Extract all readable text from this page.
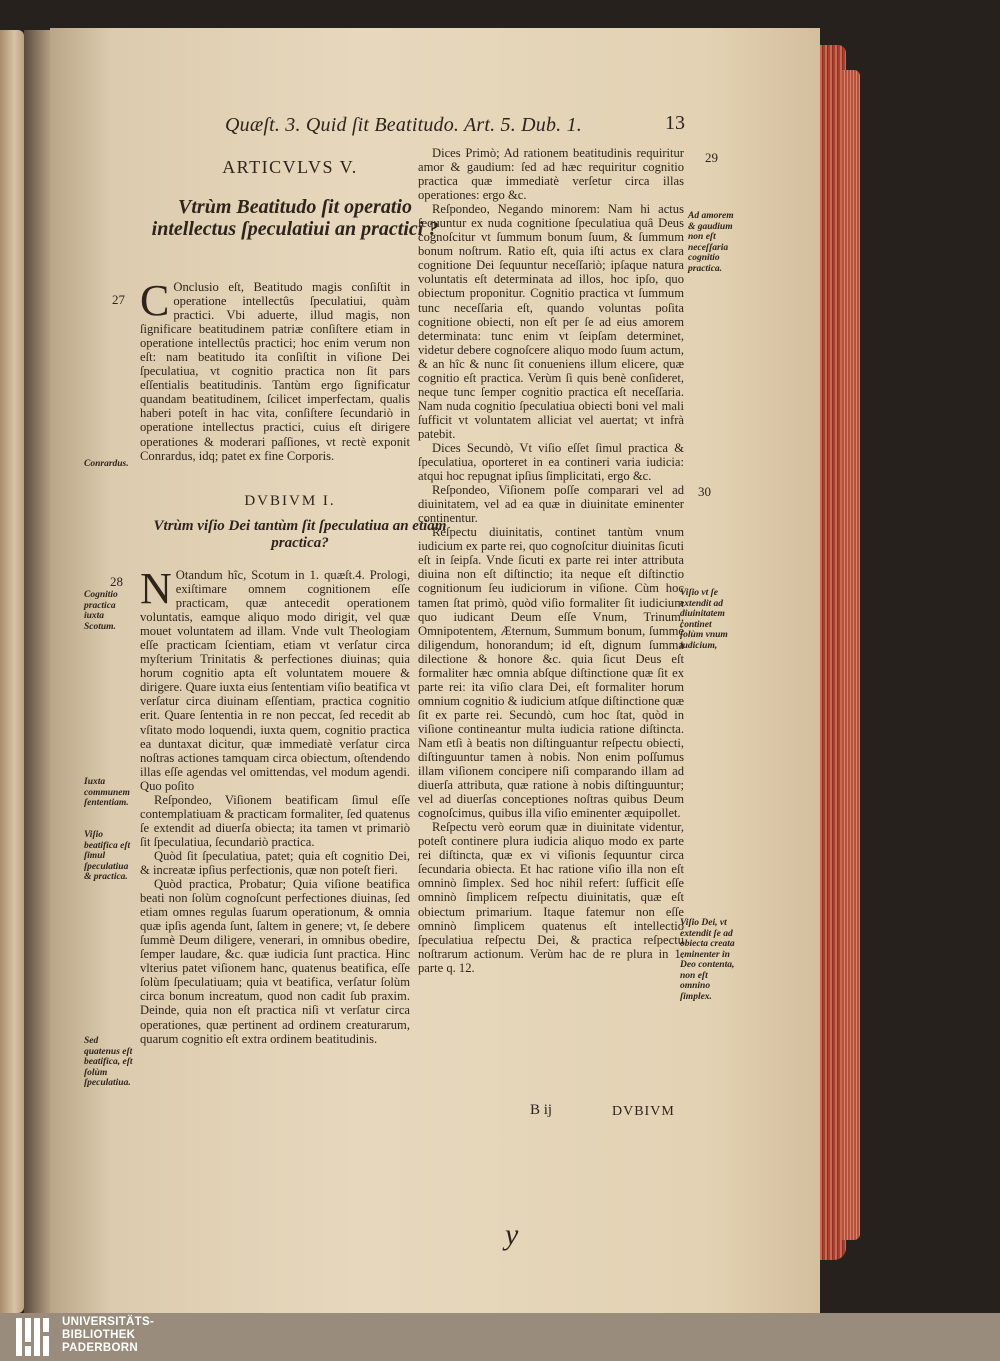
Quæſt. 3. Quid ſit Beatitudo. Art. 5. Dub. 1.	13
ARTICVLVS V.
Vtrùm Beatitudo ſit operatio intellectus ſpeculatiui an practici ?

C Onclusio eſt, Beatitudo magis conſiſtit in operatione intellectûs ſpeculatiui, quàm practici. Vbi aduerte, illud magis, non ſignificare beatitudinem patriæ conſiſtere etiam in operatione intellectûs practici; hoc enim verum non eſt: nam beatitudo ita conſiſtit in viſione Dei ſpeculatiua, vt cognitio practica non ſit pars eſſentialis beatitudinis. Tantùm ergo ſignificatur quandam beatitudinem, ſcilicet imperfectam, qualis haberi poteſt in hac vita, conſiſtere ſecundariò in operatione intellectus practici, cuius eſt dirigere operationes & moderari paſſiones, vt rectè exponit Conrardus, idq; patet ex fine Corporis.

DVBIVM I.
Vtrùm viſio Dei tantùm ſit ſpeculatiua an etiam practica?

N Otandum hîc, Scotum in 1. quæſt.4. Prologi, exiſtimare omnem cognitionem eſſe practicam, quæ antecedit operationem voluntatis, eamque aliquo modo dirigit, vel quæ mouet voluntatem ad illam. Vnde vult Theologiam eſſe practicam ſcientiam, etiam vt verſatur circa myſterium Trinitatis & perfectiones diuinas; quia horum cognitio apta eſt voluntatem mouere & dirigere. Quare iuxta eius ſententiam viſio beatifica vt verſatur circa diuinam eſſentiam, practica cognitio erit. Quare ſententia in re non peccat, ſed recedit ab vſitato modo loquendi, iuxta quem, cognitio practica ea duntaxat dicitur, quæ immediatè verſatur circa noſtras actiones tamquam circa obiectum, oſtendendo illas eſſe agendas vel omittendas, vel modum agendi. Quo poſito

Reſpondeo, Viſionem beatificam ſimul eſſe contemplatiuam & practicam formaliter, ſed quatenus ſe extendit ad diuerſa obiecta; ita tamen vt primariò ſit ſpeculatiua, ſecundariò practica.

Quòd ſit ſpeculatiua, patet; quia eſt cognitio Dei, & increatæ ipſius perfectionis, quæ non poteſt fieri.

Quòd practica, Probatur; Quia viſione beatifica beati non ſolùm cognoſcunt perfectiones diuinas, ſed etiam omnes regulas ſuarum operationum, & omnia quæ ipſis agenda ſunt, ſaltem in genere; vt, ſe debere ſummè Deum diligere, venerari, in omnibus obedire, ſemper laudare, &c. quæ iudicia ſunt practica. Hinc vlterius patet viſionem hanc, quatenus beatifica, eſſe ſolùm ſpeculatiuam; quia vt beatifica, verſatur ſolùm circa bonum increatum, quod non cadit ſub praxim. Deinde, quia non eſt practica niſi vt verſatur circa operationes, quæ pertinent ad ordinem creaturarum, quarum cognitio eſt extra ordinem beatitudinis.

Dices Primò; Ad rationem beatitudinis requiritur amor & gaudium: ſed ad hæc requiritur cognitio practica quæ immediatè verſetur circa illas operationes: ergo &c.

Reſpondeo, Negando minorem: Nam hi actus ſequuntur ex nuda cognitione ſpeculatiua quâ Deus cognoſcitur vt ſummum bonum ſuum, & ſummum bonum noſtrum. Ratio eſt, quia iſti actus ex clara cognitione Dei ſequuntur neceſſariò; ipſaque natura voluntatis eſt determinata ad illos, hoc ipſo, quo obiectum proponitur. Cognitio practica vt ſummum tunc neceſſaria eſt, quando voluntas poſita cognitione obiecti, non eſt per ſe ad eius amorem determinata: tunc enim vt ſeipſam determinet, videtur debere cognoſcere aliquo modo ſuum actum, & an hîc & nunc ſit conueniens illum elicere, quæ cognitio eſt practica. Verùm ſi quis benè conſideret, neque tunc ſemper cognitio practica eſt neceſſaria. Nam nuda cognitio ſpeculatiua obiecti boni vel mali ſufficit vt voluntatem alliciat vel auertat; vt infrà patebit.

Dices Secundò, Vt viſio eſſet ſimul practica & ſpeculatiua, oporteret in ea contineri varia iudicia: atqui hoc repugnat ipſius ſimplicitati, ergo &c.

Reſpondeo, Viſionem poſſe comparari vel ad diuinitatem, vel ad ea quæ in diuinitate eminenter continentur.

Reſpectu diuinitatis, continet tantùm vnum iudicium ex parte rei, quo cognoſcitur diuinitas ſicuti eſt in ſeipſa. Vnde ſicuti ex parte rei inter attributa diuina non eſt diſtinctio; ita neque eſt diſtinctio cognitionum ſeu iudiciorum in viſione. Cùm hoc tamen ſtat primò, quòd viſio formaliter ſit iudicium quo iudicant Deum eſſe Vnum, Trinum, Omnipotentem, Æternum, Summum bonum, ſummè diligendum, honorandum; id eſt, dignum ſumma dilectione & honore &c. quia ſicut Deus eſt formaliter hæc omnia abſque diſtinctione quæ ſit ex parte rei: ita viſio clara Dei, eſt formaliter horum omnium cognitio & iudicium atſque diſtinctione quæ ſit ex parte rei. Secundò, cum hoc ſtat, quòd in viſione contineantur multa iudicia ratione diſtincta. Nam etſi à beatis non diſtinguantur reſpectu obiecti, diſtinguuntur tamen à nobis. Non enim poſſumus illam viſionem concipere niſi comparando illam ad diuerſa attributa, quæ ratione à nobis diſtinguuntur; vel ad diuerſas conceptiones noſtras quibus Deum cognoſcimus, quibus illa viſio eminenter æquipollet.

Reſpectu verò eorum quæ in diuinitate videntur, poteſt continere plura iudicia aliquo modo ex parte rei diſtincta, quæ ex vi viſionis ſequuntur circa ſecundaria obiecta. Et hac ratione viſio illa non eſt omninò ſimplex. Sed hoc nihil refert: ſufficit eſſe omninò ſimplicem reſpectu diuinitatis, quæ eſt obiectum primarium. Itaque fatemur non eſſe omninò ſimplicem quatenus eſt intellectio ſpeculatiua reſpectu Dei, & practica reſpectu noſtrarum actionum. Verùm hac de re plura in 1. parte q. 12.

27

Conrardus.

28

Cognitio practica iuxta Scotum.

Iuxta communem ſententiam.

Viſio beatifica eſt ſimul ſpeculatiua & practica.

Sed quatenus eſt beatifica, eſt ſolùm ſpeculatiua.

29

Ad amorem & gaudium non eſt neceſſaria cognitio practica.

30

Viſio vt ſe extendit ad diuinitatem continet ſolùm vnum iudicium,

Viſio Dei, vt extendit ſe ad obiecta creata eminenter in Deo contenta, non eſt omnino ſimplex.

B ij	DVBIVM
y

UNIVERSITÄTS-
BIBLIOTHEK
PADERBORN
